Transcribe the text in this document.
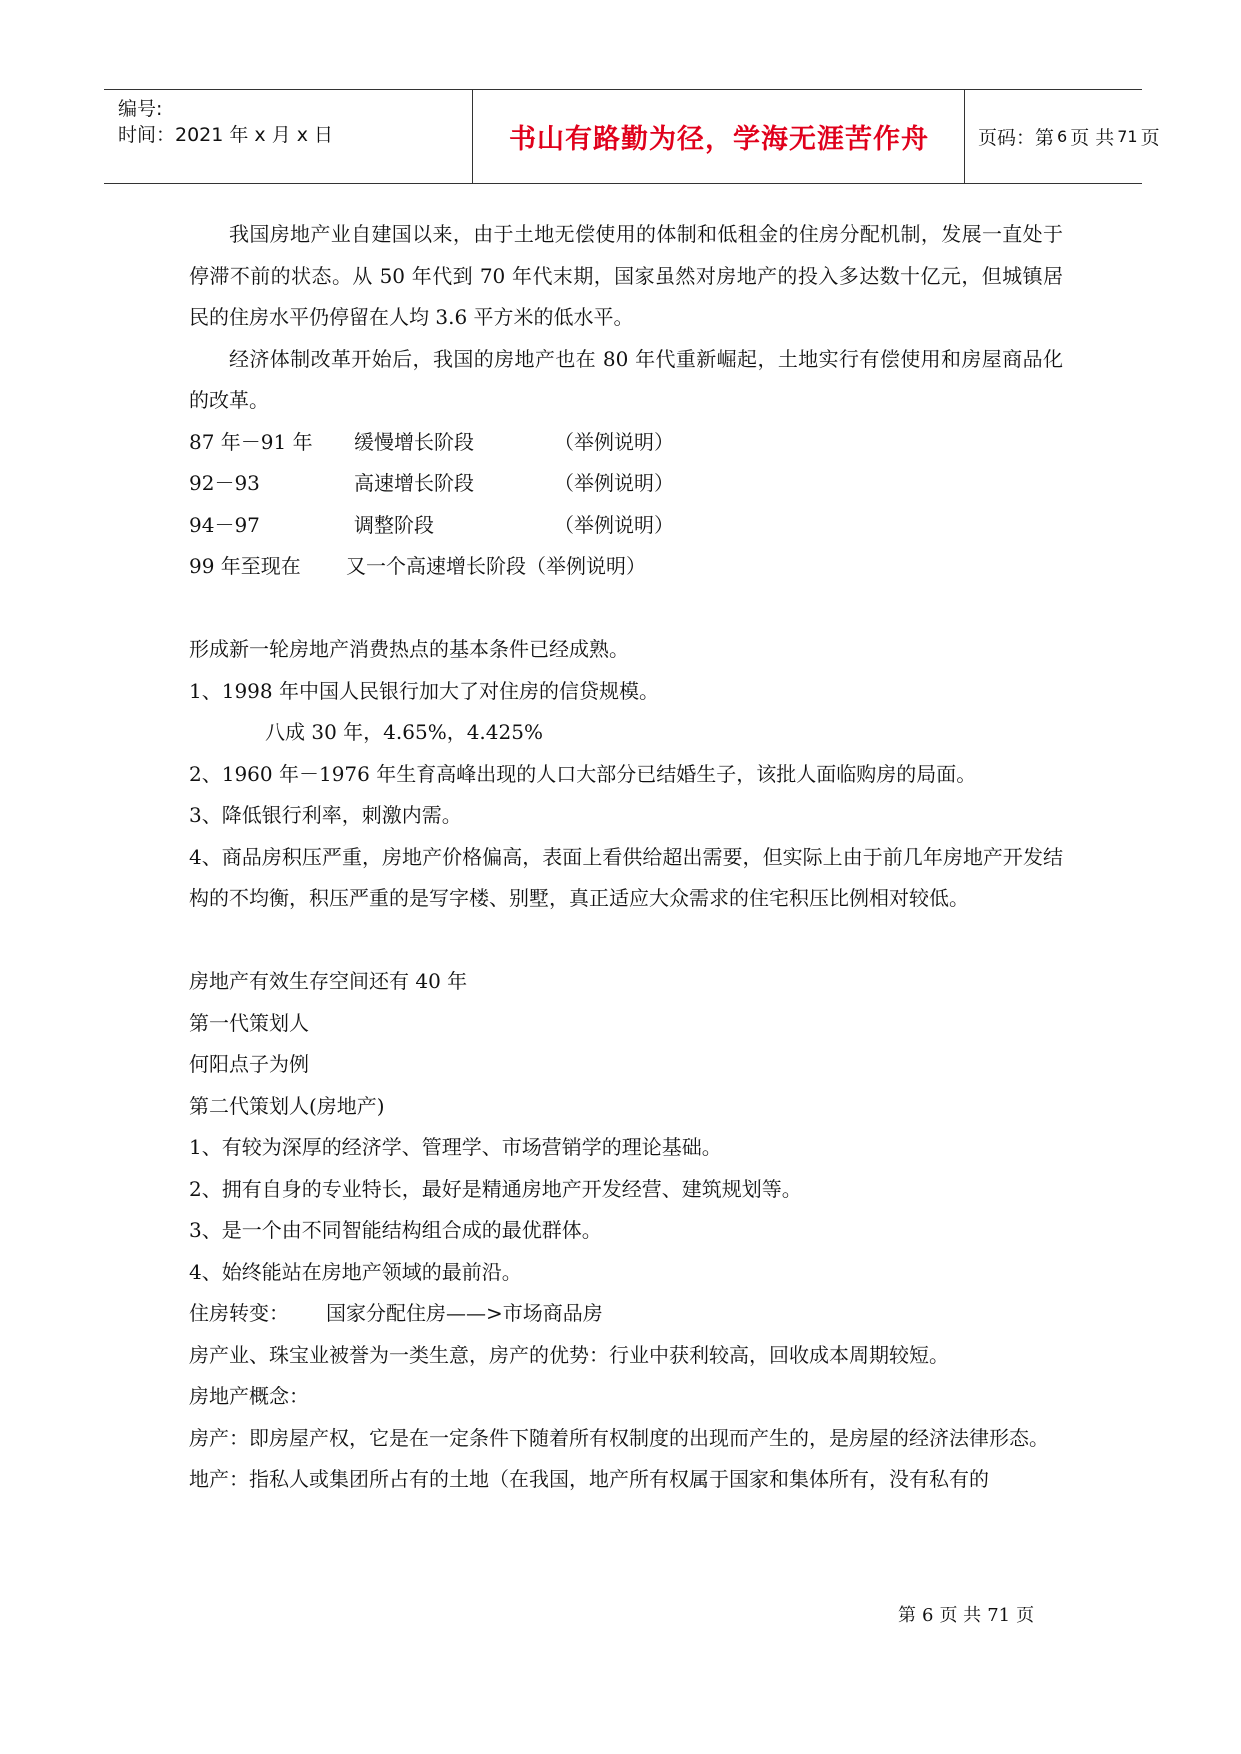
编号:
时间：2021 年 x 月 x 日	书山有路勤为径，学海无涯苦作舟	页码：第 6 页 共 71 页

我国房地产业自建国以来，由于土地无偿使用的体制和低租金的住房分配机制，发展一直处于停滞不前的状态。从 50 年代到 70 年代末期，国家虽然对房地产的投入多达数十亿元，但城镇居民的住房水平仍停留在人均 3.6 平方米的低水平。

经济体制改革开始后，我国的房地产也在 80 年代重新崛起，土地实行有偿使用和房屋商品化的改革。

87 年－91 年	缓慢增长阶段	（举例说明）
92－93	高速增长阶段	（举例说明）
94－97	调整阶段	（举例说明）
99 年至现在	又一个高速增长阶段（举例说明）

形成新一轮房地产消费热点的基本条件已经成熟。

1、1998 年中国人民银行加大了对住房的信贷规模。

八成 30 年，4.65%，4.425%

2、1960 年－1976 年生育高峰出现的人口大部分已结婚生子，该批人面临购房的局面。

3、降低银行利率，刺激内需。

4、商品房积压严重，房地产价格偏高，表面上看供给超出需要，但实际上由于前几年房地产开发结构的不均衡，积压严重的是写字楼、别墅，真正适应大众需求的住宅积压比例相对较低。

房地产有效生存空间还有 40 年

第一代策划人

何阳点子为例

第二代策划人(房地产)

1、有较为深厚的经济学、管理学、市场营销学的理论基础。

2、拥有自身的专业特长，最好是精通房地产开发经营、建筑规划等。

3、是一个由不同智能结构组合成的最优群体。

4、始终能站在房地产领域的最前沿。

住房转变：	国家分配住房——>市场商品房

房产业、珠宝业被誉为一类生意，房产的优势：行业中获利较高，回收成本周期较短。

房地产概念：

房产：即房屋产权，它是在一定条件下随着所有权制度的出现而产生的，是房屋的经济法律形态。

地产：指私人或集团所占有的土地（在我国，地产所有权属于国家和集体所有，没有私有的

第 6 页 共 71 页
